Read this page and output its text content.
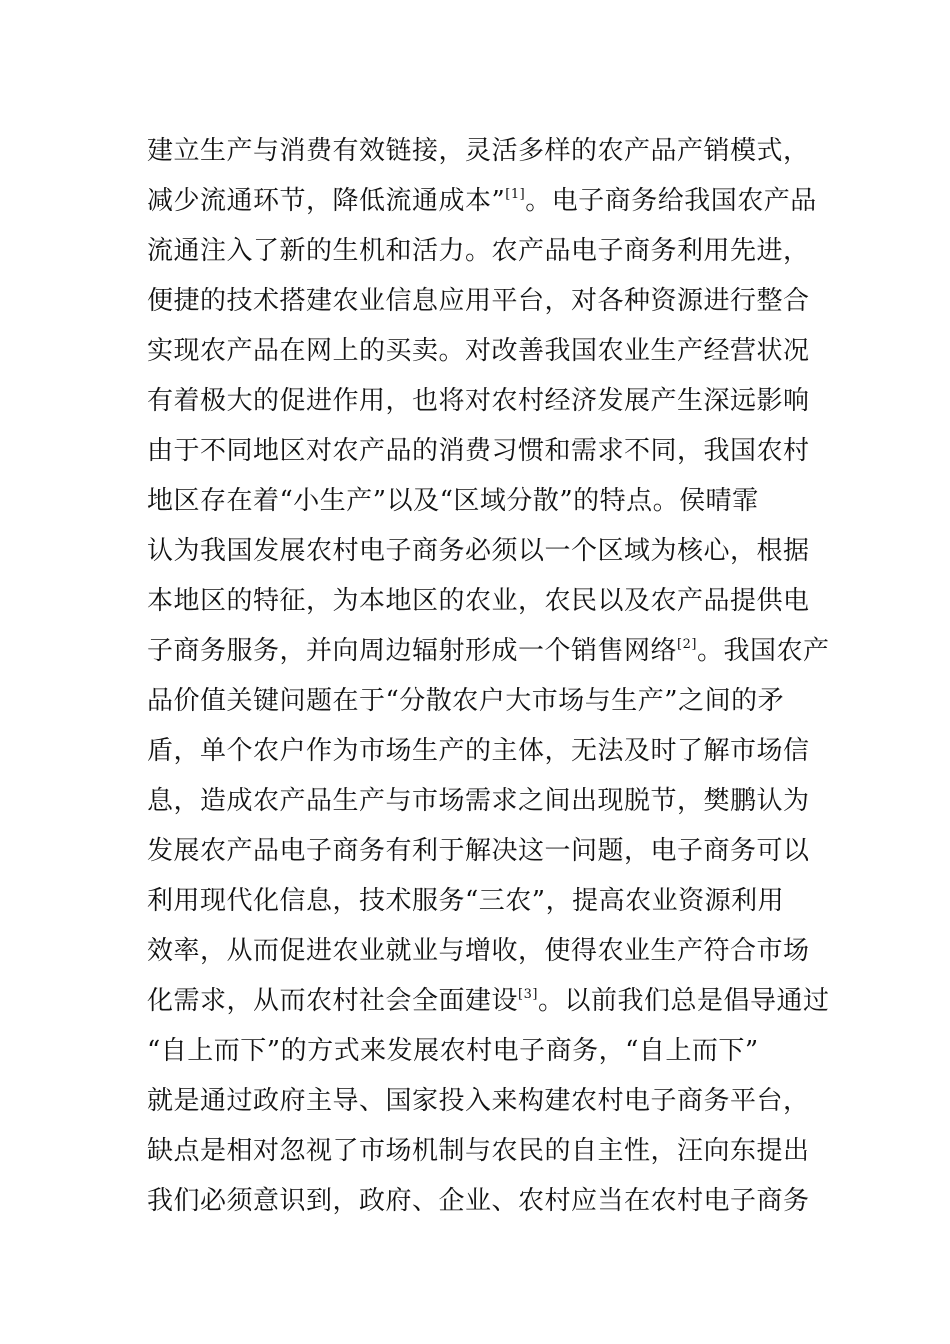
建立生产与消费有效链接，灵活多样的农产品产销模式，
减少流通环节，降低流通成本”[1]。电子商务给我国农产品
流通注入了新的生机和活力。农产品电子商务利用先进，
便捷的技术搭建农业信息应用平台，对各种资源进行整合
实现农产品在网上的买卖。对改善我国农业生产经营状况
有着极大的促进作用，也将对农村经济发展产生深远影响
由于不同地区对农产品的消费习惯和需求不同，我国农村
地区存在着“小生产”以及“区域分散”的特点。侯晴霏
认为我国发展农村电子商务必须以一个区域为核心，根据
本地区的特征，为本地区的农业，农民以及农产品提供电
子商务服务，并向周边辐射形成一个销售网络[2]。我国农产
品价值关键问题在于“分散农户大市场与生产”之间的矛
盾，单个农户作为市场生产的主体，无法及时了解市场信
息，造成农产品生产与市场需求之间出现脱节，樊鹏认为
发展农产品电子商务有利于解决这一问题，电子商务可以
利用现代化信息，技术服务“三农”，提高农业资源利用
效率，从而促进农业就业与增收，使得农业生产符合市场
化需求，从而农村社会全面建设[3]。以前我们总是倡导通过
“自上而下”的方式来发展农村电子商务，“自上而下”
就是通过政府主导、国家投入来构建农村电子商务平台，
缺点是相对忽视了市场机制与农民的自主性，汪向东提出
我们必须意识到，政府、企业、农村应当在农村电子商务
